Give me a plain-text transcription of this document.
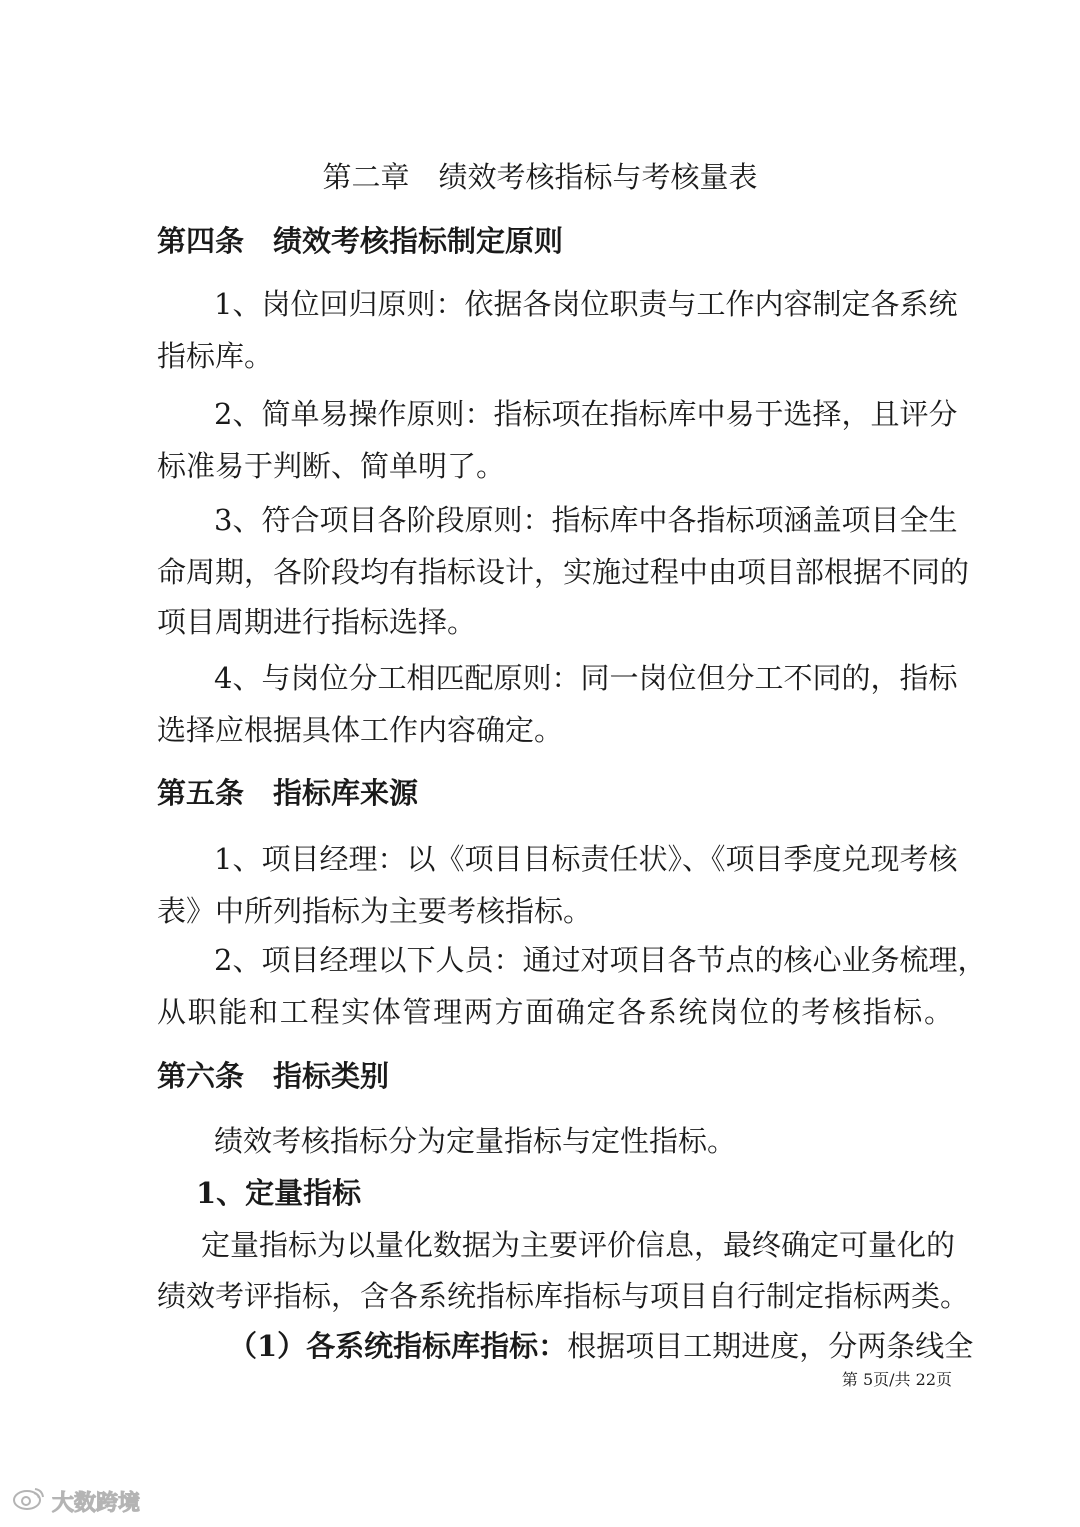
第二章　绩效考核指标与考核量表
第四条　绩效考核指标制定原则
1、岗位回归原则：依据各岗位职责与工作内容制定各系统
指标库。
2、简单易操作原则：指标项在指标库中易于选择，且评分
标准易于判断、简单明了。
3、符合项目各阶段原则：指标库中各指标项涵盖项目全生
命周期，各阶段均有指标设计，实施过程中由项目部根据不同的
项目周期进行指标选择。
4、与岗位分工相匹配原则：同一岗位但分工不同的，指标
选择应根据具体工作内容确定。
第五条　指标库来源
1、项目经理：以《项目目标责任状》、《项目季度兑现考核
表》中所列指标为主要考核指标。
2、项目经理以下人员：通过对项目各节点的核心业务梳理，
从职能和工程实体管理两方面确定各系统岗位的考核指标。
第六条　指标类别
绩效考核指标分为定量指标与定性指标。
1、定量指标
定量指标为以量化数据为主要评价信息，最终确定可量化的
绩效考评指标，含各系统指标库指标与项目自行制定指标两类。
（1）各系统指标库指标： 根据项目工期进度，分两条线全
第 5页/共 22页
大数跨境
